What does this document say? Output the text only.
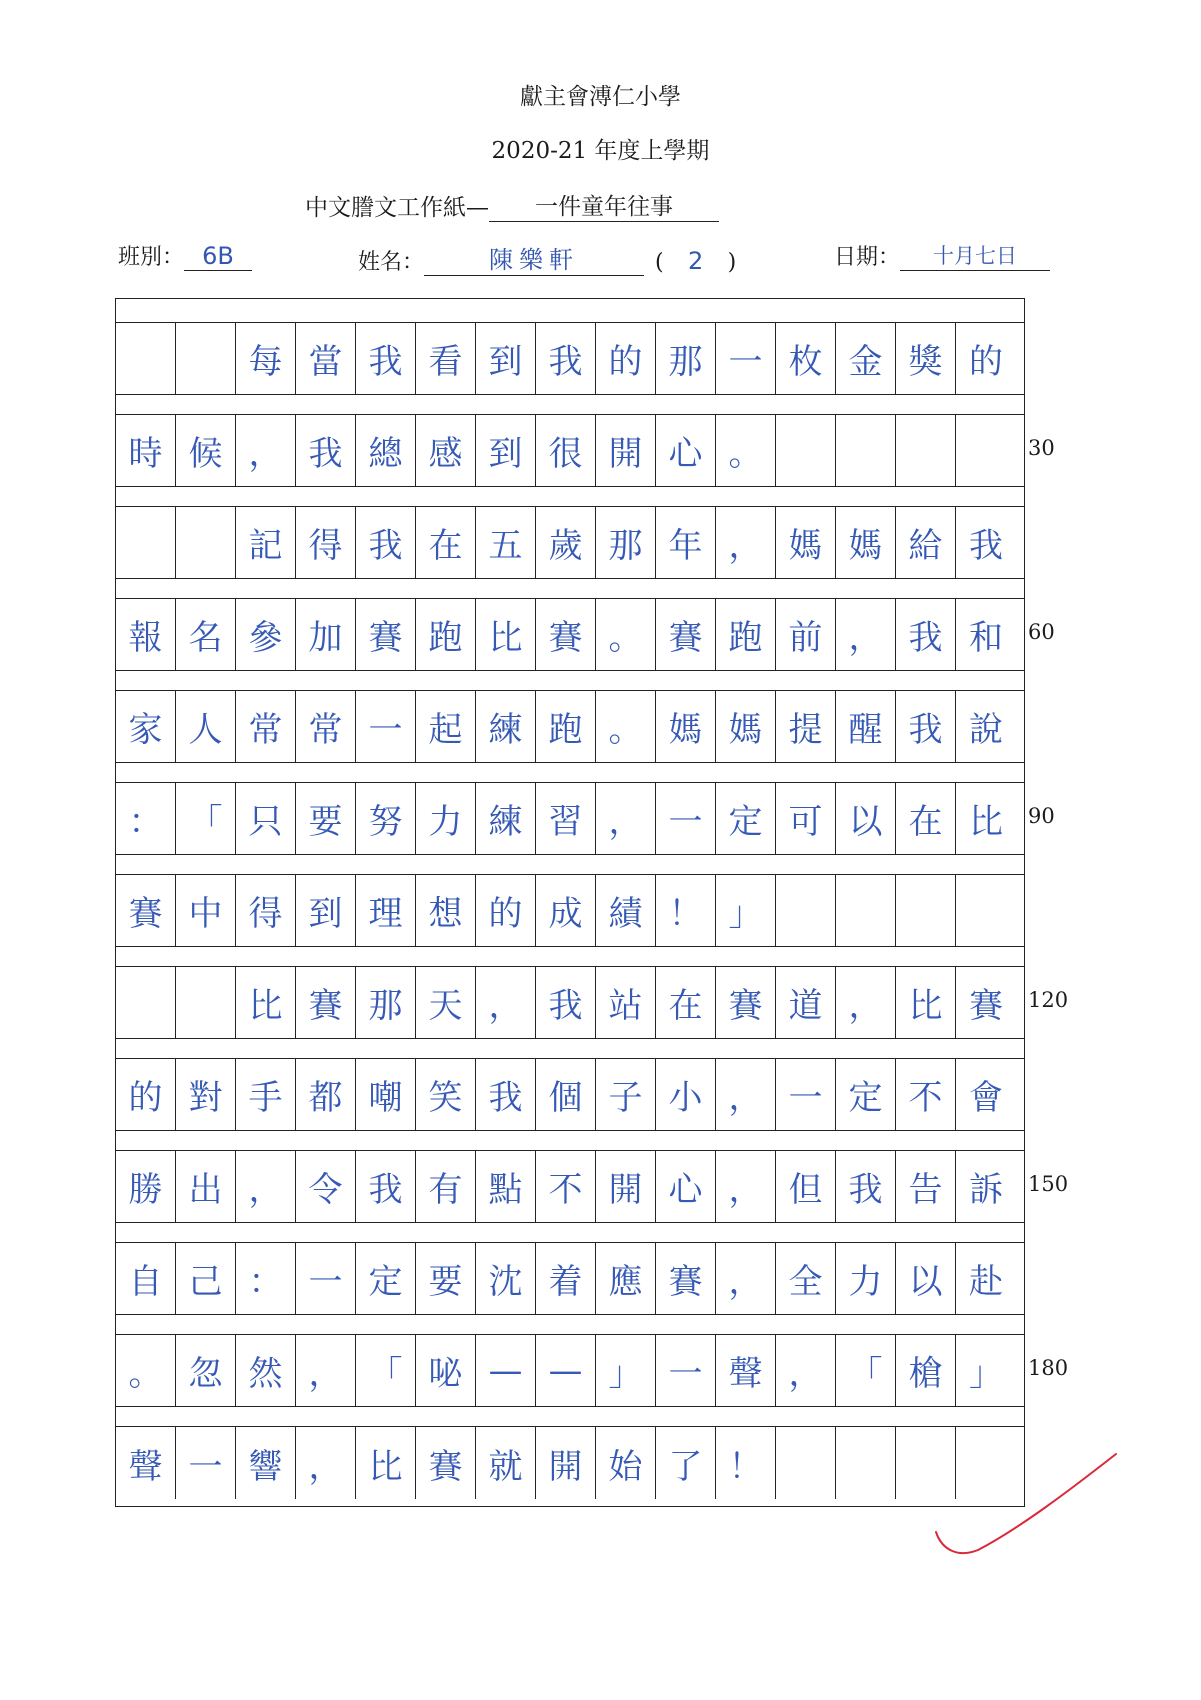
獻主會溥仁小學
2020-21 年度上學期
中文謄文工作紙— 一件童年往事
班別： 6B	姓名：	陳樂軒	( 2 )	日期： 十月七日
每 當 我 看 到 我 的 那 一 枚 金 獎 的
時 候 ， 我 總 感 到 很 開 心 。
記 得 我 在 五 歲 那 年 ， 媽 媽 給 我
報 名 參 加 賽 跑 比 賽 。 賽 跑 前 ， 我 和
家 人 常 常 一 起 練 跑 。 媽 媽 提 醒 我 說
： 「 只 要 努 力 練 習 ， 一 定 可 以 在 比
賽 中 得 到 理 想 的 成 績 ！ 」
比 賽 那 天 ， 我 站 在 賽 道 ， 比 賽
的 對 手 都 嘲 笑 我 個 子 小 ， 一 定 不 會
勝 出 ， 令 我 有 點 不 開 心 ， 但 我 告 訴
自 己 ： 一 定 要 沈 着 應 賽 ， 全 力 以 赴
。 忽 然 ， 「 咇 — — 」 一 聲 ， 「 槍 」
聲 一 響 ， 比 賽 就 開 始 了 ！
30
60
90
120
150
180
